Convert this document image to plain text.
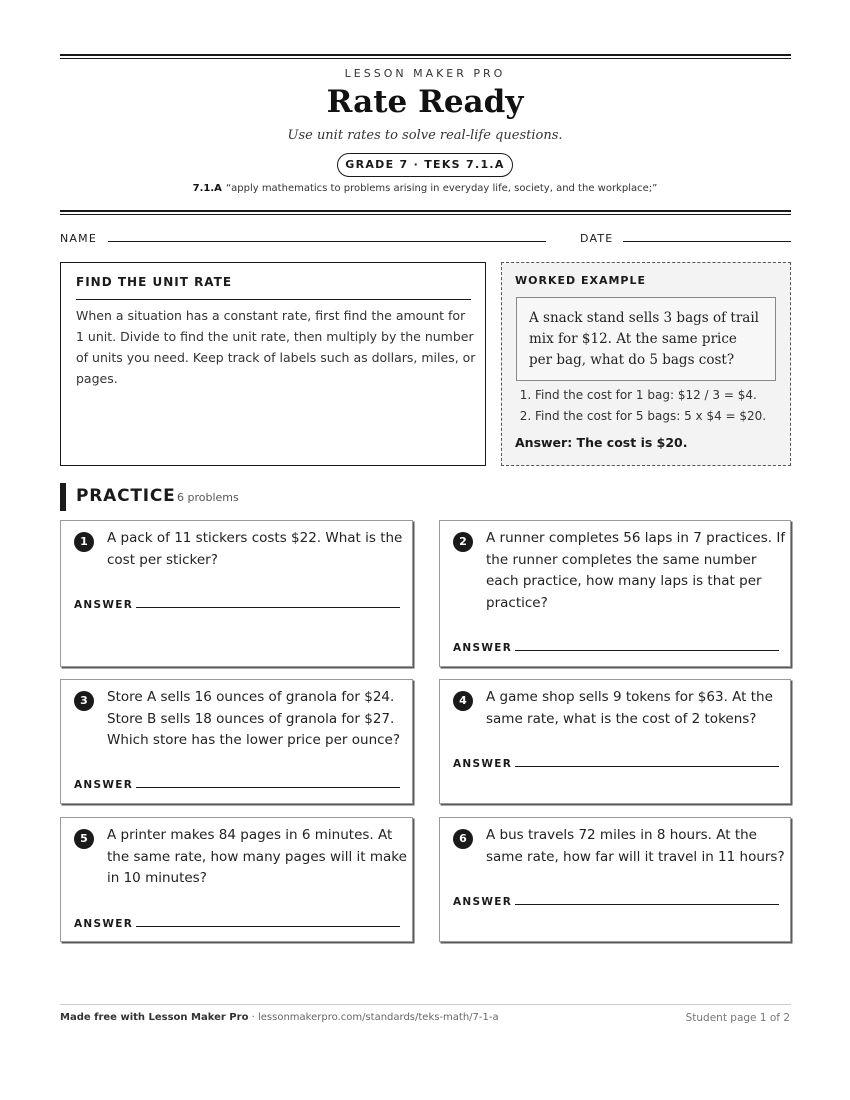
LESSON MAKER PRO
Rate Ready
Use unit rates to solve real-life questions.
GRADE 7 · TEKS 7.1.A
7.1.A “apply mathematics to problems arising in everyday life, society, and the workplace;”
NAME	DATE
FIND THE UNIT RATE
When a situation has a constant rate, first find the amount for 1 unit. Divide to find the unit rate, then multiply by the number of units you need. Keep track of labels such as dollars, miles, or pages.
WORKED EXAMPLE
A snack stand sells 3 bags of trail mix for $12. At the same price per bag, what do 5 bags cost?
1. Find the cost for 1 bag: $12 / 3 = $4.
2. Find the cost for 5 bags: 5 x $4 = $20.
Answer: The cost is $20.
PRACTICE 6 problems
1	A pack of 11 stickers costs $22. What is the cost per sticker?
ANSWER
2	A runner completes 56 laps in 7 practices. If the runner completes the same number each practice, how many laps is that per practice?
ANSWER
3	Store A sells 16 ounces of granola for $24. Store B sells 18 ounces of granola for $27. Which store has the lower price per ounce?
ANSWER
4	A game shop sells 9 tokens for $63. At the same rate, what is the cost of 2 tokens?
ANSWER
5	A printer makes 84 pages in 6 minutes. At the same rate, how many pages will it make in 10 minutes?
ANSWER
6	A bus travels 72 miles in 8 hours. At the same rate, how far will it travel in 11 hours?
ANSWER
Made free with Lesson Maker Pro · lessonmakerpro.com/standards/teks-math/7-1-a	Student page 1 of 2
